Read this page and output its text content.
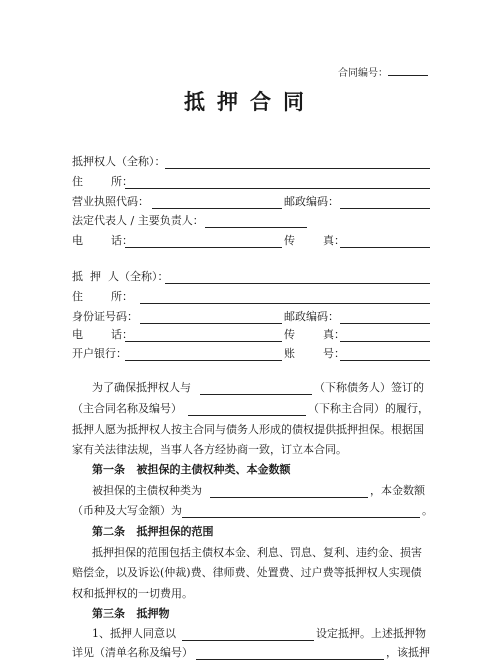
合同编号：
抵押合同
抵押权人（全称）：
住        所：
营业执照代码：	邮政编码：
法定代表人 / 主要负责人：
电        话：	传        真：
抵  押  人（全称）：
住        所：
身份证号码：	邮政编码：
电        话：	传        真：
开户银行：	账        号：
为了确保抵押权人与	（下称债务人）签订的
（主合同名称及编号）	（下称主合同）的履行，
抵押人愿为抵押权人按主合同与债务人形成的债权提供抵押担保。根据国
家有关法律法规，当事人各方经协商一致，订立本合同。
第一条   被担保的主债权种类、本金数额
被担保的主债权种类为	，本金数额
（币种及大写金额）为	。
第二条   抵押担保的范围
抵押担保的范围包括主债权本金、利息、罚息、复利、违约金、损害
赔偿金，以及诉讼(仲裁)费、律师费、处置费、过户费等抵押权人实现债
权和抵押权的一切费用。
第三条   抵押物
1、抵押人同意以	设定抵押。上述抵押物
详见（清单名称及编号）	，该抵押
